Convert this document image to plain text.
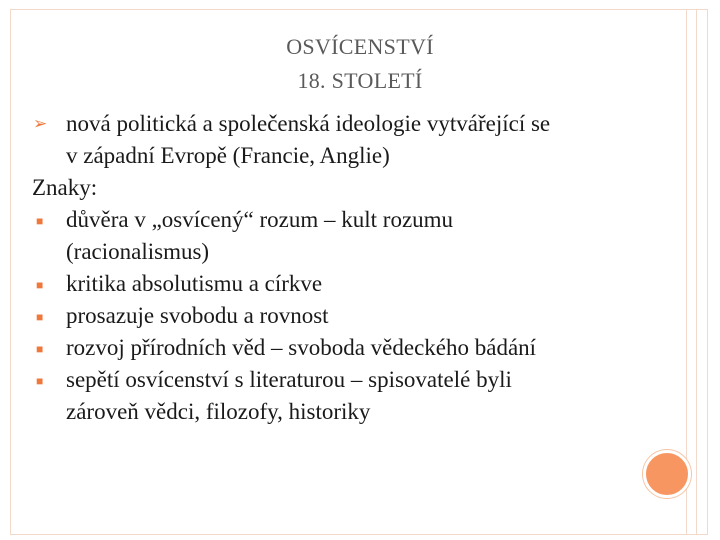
OSVÍCENSTVÍ
18. STOLETÍ
➢ nová politická a společenská ideologie vytvářející se
v západní Evropě (Francie, Anglie)
Znaky:
■ důvěra v „osvícený“ rozum – kult rozumu
(racionalismus)
■ kritika absolutismu a církve
■ prosazuje svobodu a rovnost
■ rozvoj přírodních věd – svoboda vědeckého bádání
■ sepětí osvícenství s literaturou – spisovatelé byli
zároveň vědci, filozofy, historiky
